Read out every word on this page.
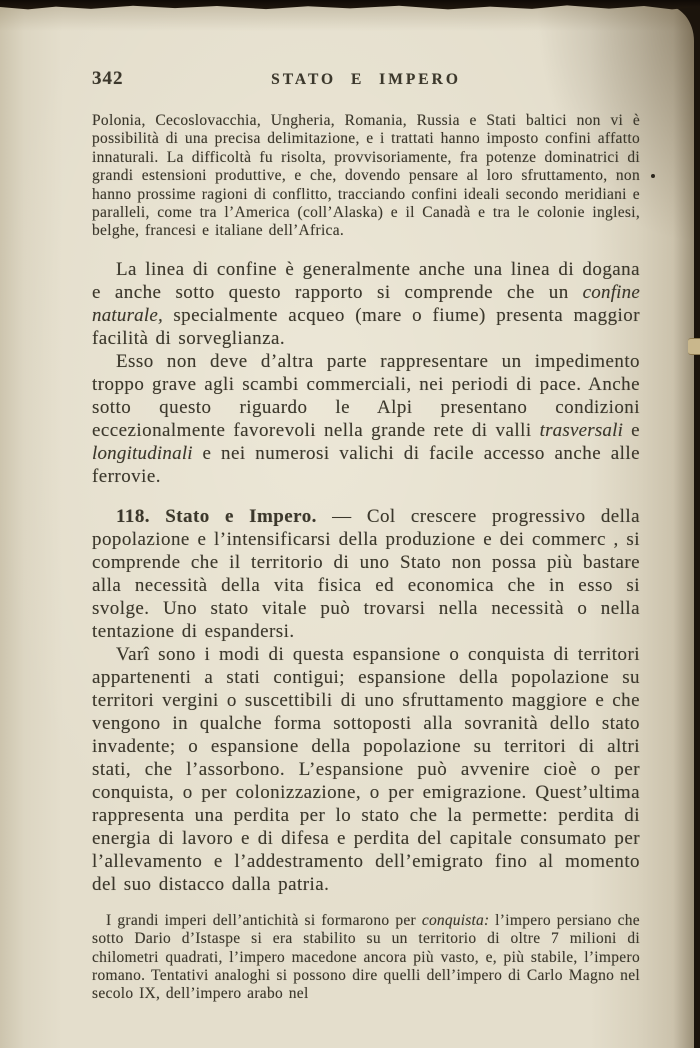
342	STATO E IMPERO

Polonia, Cecoslovacchia, Ungheria, Romania, Russia e Stati baltici non vi è possibilità di una precisa delimitazione, e i trattati hanno imposto confini affatto innaturali. La difficoltà fu risolta, provvisoriamente, fra potenze dominatrici di grandi estensioni produttive, e che, dovendo pensare al loro sfruttamento, non hanno prossime ragioni di conflitto, tracciando confini ideali secondo meridiani e paralleli, come tra l’America (coll’Alaska) e il Canadà e tra le colonie inglesi, belghe, francesi e italiane dell’Africa.

La linea di confine è generalmente anche una linea di dogana e anche sotto questo rapporto si comprende che un confine naturale, specialmente acqueo (mare o fiume) presenta maggior facilità di sorveglianza.

Esso non deve d’altra parte rappresentare un impedimento troppo grave agli scambi commerciali, nei periodi di pace. Anche sotto questo riguardo le Alpi presentano condizioni eccezionalmente favorevoli nella grande rete di valli trasversali e longitudinali e nei numerosi valichi di facile accesso anche alle ferrovie.

118. Stato e Impero. — Col crescere progressivo della popolazione e l’intensificarsi della produzione e dei commerc , si comprende che il territorio di uno Stato non possa più bastare alla necessità della vita fisica ed economica che in esso si svolge. Uno stato vitale può trovarsi nella necessità o nella tentazione di espandersi.

Varî sono i modi di questa espansione o conquista di territori appartenenti a stati contigui; espansione della popolazione su territori vergini o suscettibili di uno sfruttamento maggiore e che vengono in qualche forma sottoposti alla sovranità dello stato invadente; o espansione della popolazione su territori di altri stati, che l’assorbono. L’espansione può avvenire cioè o per conquista, o per colonizzazione, o per emigrazione. Quest’ultima rappresenta una perdita per lo stato che la permette: perdita di energia di lavoro e di difesa e perdita del capitale consumato per l’allevamento e l’addestramento dell’emigrato fino al momento del suo distacco dalla patria.

I grandi imperi dell’antichità si formarono per conquista: l’impero persiano che sotto Dario d’Istaspe si era stabilito su un territorio di oltre 7 milioni di chilometri quadrati, l’impero macedone ancora più vasto, e, più stabile, l’impero romano. Tentativi analoghi si possono dire quelli dell’impero di Carlo Magno nel secolo IX, dell’impero arabo nel
